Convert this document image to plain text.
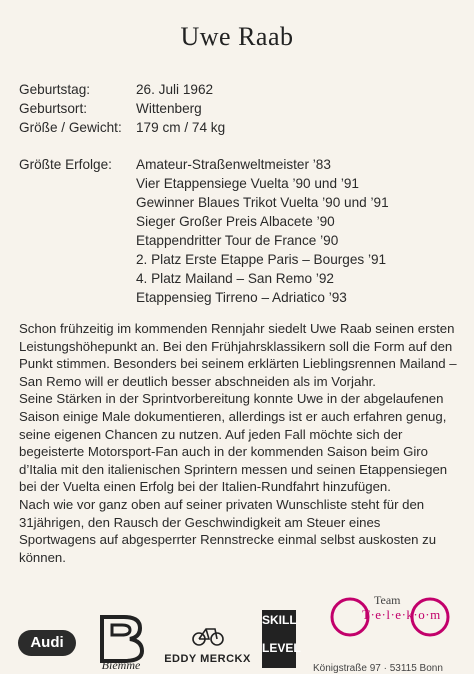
Uwe Raab
Geburtstag:	26. Juli 1962
Geburtsort:	Wittenberg
Größe / Gewicht:	179 cm / 74 kg
Größte Erfolge:	Amateur-Straßenweltmeister ’83
Vier Etappensiege Vuelta ’90 und ’91
Gewinner Blaues Trikot Vuelta ’90 und ’91
Sieger Großer Preis Albacete ’90
Etappendritter Tour de France ’90
2. Platz Erste Etappe Paris – Bourges ’91
4. Platz Mailand – San Remo ’92
Etappensieg Tirreno – Adriatico ’93

Schon frühzeitig im kommenden Rennjahr siedelt Uwe Raab seinen ersten Leistungshöhepunkt an. Bei den Frühjahrsklassikern soll die Form auf den Punkt stimmen. Besonders bei seinem erklärten Lieblingsrennen Mailand – San Remo will er deutlich besser abschneiden als im Vorjahr.

Seine Stärken in der Sprintvorbereitung konnte Uwe in der abgelaufenen Saison einige Male dokumentieren, allerdings ist er auch erfahren genug, seine eigenen Chancen zu nutzen. Auf jeden Fall möchte sich der begeisterte Motorsport-Fan auch in der kommenden Saison beim Giro d’Italia mit den italienischen Sprintern messen und seinen Etappensiegen bei der Vuelta einen Erfolg bei der Italien-Rundfahrt hinzufügen.

Nach wie vor ganz oben auf seiner privaten Wunschliste steht für den 31jährigen, den Rausch der Geschwindigkeit am Steuer eines Sportwagens auf abgesperrter Rennstrecke einmal selbst auskosten zu können.

Audi
Biemme	EDDY MERCKX
SKILL
LEVEL
Team
T·e·l·e·k·o·m
Königstraße 97 · 53115 Bonn
